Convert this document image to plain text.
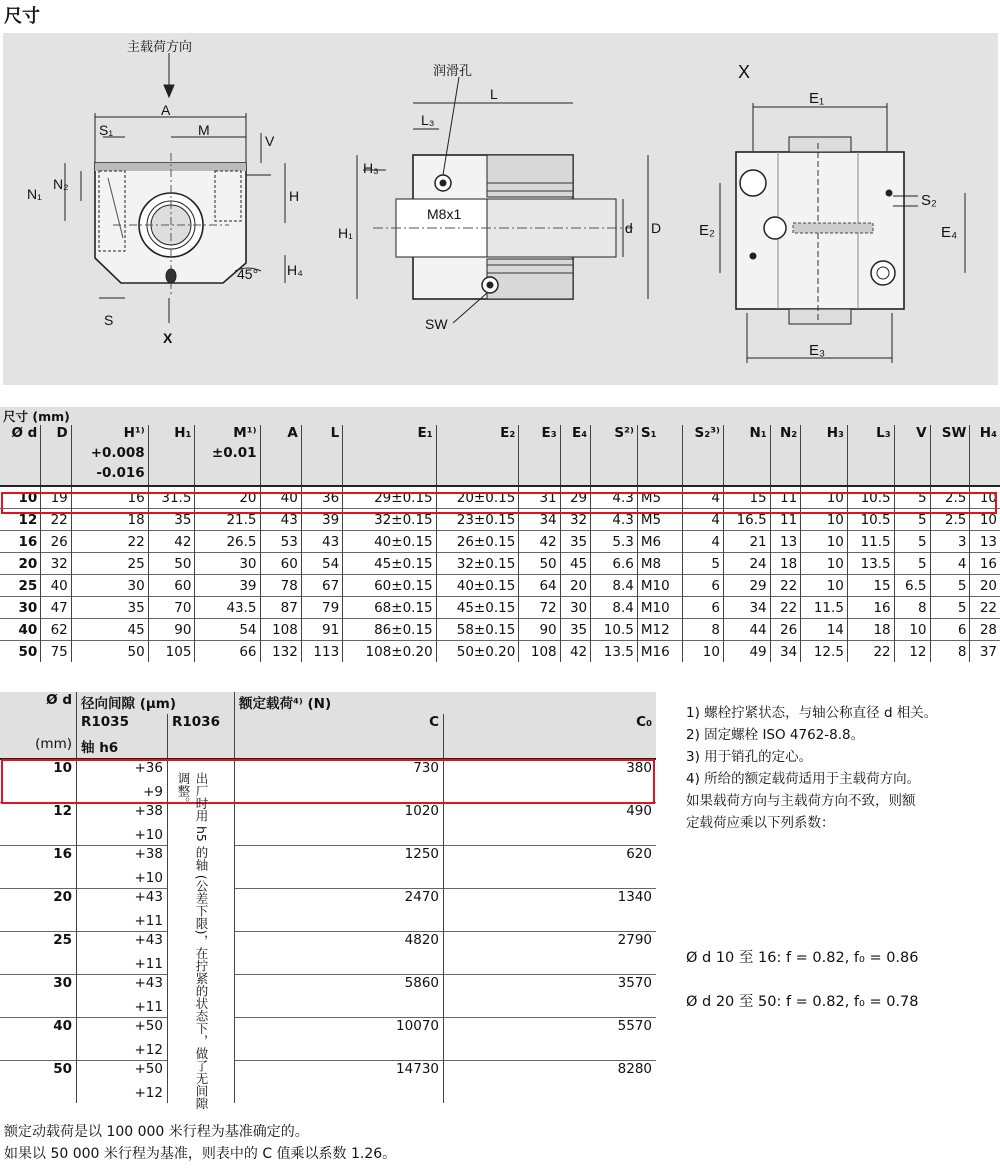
尺寸
主载荷方向
A
M
S₁
V
N₁
N₂
H
H₄
45°
S
X
润滑孔
L
L₃
H₃
M8x1
H₁	d D
SW
X
E₁
E₂
S₂
E₄
E₃
尺寸 (mm)																				
Ø d	D	H¹⁾	H₁	M¹⁾	A	L	E₁	E₂	E₃	E₄	S²⁾	S₁	S₂³⁾	N₁	N₂	H₃	L₃	V	SW	H₄
		+0.008		±0.01																
		-0.016																		
10	19	16	31.5	20	40	36	29±0.15	20±0.15	31	29	4.3	M5	4	15	11	10	10.5	5	2.5	10
12	22	18	35	21.5	43	39	32±0.15	23±0.15	34	32	4.3	M5	4	16.5	11	10	10.5	5	2.5	10
16	26	22	42	26.5	53	43	40±0.15	26±0.15	42	35	5.3	M6	4	21	13	10	11.5	5	3	13
20	32	25	50	30	60	54	45±0.15	32±0.15	50	45	6.6	M8	5	24	18	10	13.5	5	4	16
25	40	30	60	39	78	67	60±0.15	40±0.15	64	20	8.4	M10	6	29	22	10	15	6.5	5	20
30	47	35	70	43.5	87	79	68±0.15	45±0.15	72	30	8.4	M10	6	34	22	11.5	16	8	5	22
40	62	45	90	54	108	91	86±0.15	58±0.15	90	35	10.5	M12	8	44	26	14	18	10	6	28
50	75	50	105	66	132	113	108±0.20	50±0.20	108	42	13.5	M16	10	49	34	12.5	22	12	8	37
Ø d	径向间隙 (µm)		额定载荷⁴⁾ (N)	
	R1035	R1036	C	C₀
(mm)	轴 h6			
10	+36		730	380
	+9			
12	+38		1020	490
	+10			
16	+38		1250	620
	+10			
20	+43		2470	1340
	+11			
25	+43		4820	2790
	+11			
30	+43		5860	3570
	+11			
40	+50		10070	5570
	+12			
50	+50		14730	8280
	+12				出厂时用 h5 的轴 (公差下限)，在拧紧的状态下，做了无间隙调整。
1) 螺栓拧紧状态，与轴公称直径 d 相关。
2) 固定螺栓 ISO 4762-8.8。
3) 用于销孔的定心。
4) 所给的额定载荷适用于主载荷方向。
如果载荷方向与主载荷方向不致，则额
定载荷应乘以下列系数：
Ø d 10 至 16: f = 0.82, f₀ = 0.86
Ø d 20 至 50: f = 0.82, f₀ = 0.78
额定动载荷是以 100 000 米行程为基准确定的。
如果以 50 000 米行程为基准，则表中的 C 值乘以系数 1.26。
